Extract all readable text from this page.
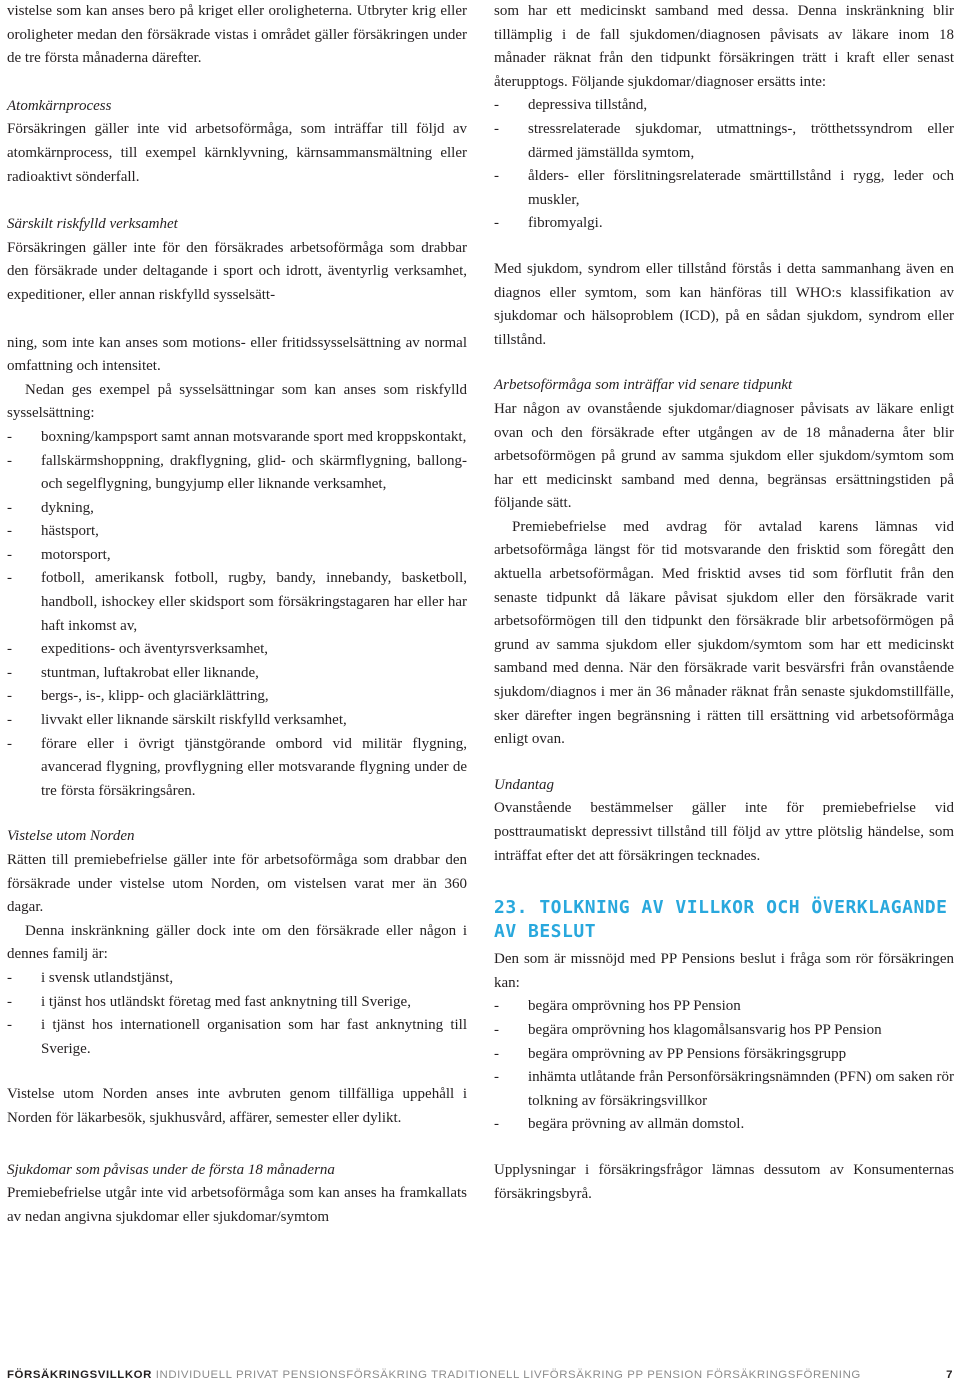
vistelse som kan anses bero på kriget eller oroligheterna. Utbryter krig eller oroligheter medan den försäkrade vistas i området gäller försäkringen under de tre första månaderna därefter.

Atomkärnprocess

Försäkringen gäller inte vid arbetsoförmåga, som inträffar till följd av atomkärnprocess, till exempel kärnklyvning, kärnsammansmältning eller radioaktivt sönderfall.

Särskilt riskfylld verksamhet

Försäkringen gäller inte för den försäkrades arbetsoförmåga som drabbar den försäkrade under deltagande i sport och idrott, äventyrlig verksamhet, expeditioner, eller annan riskfylld sysselsätt-

ning, som inte kan anses som motions- eller fritidssysselsättning av normal omfattning och intensitet.

Nedan ges exempel på sysselsättningar som kan anses som riskfylld sysselsättning:

- boxning/kampsport samt annan motsvarande sport med kroppskontakt,
- fallskärmshoppning, drakflygning, glid- och skärmflygning, ballong- och segelflygning, bungyjump eller liknande verksamhet,
- dykning,
- hästsport,
- motorsport,
- fotboll, amerikansk fotboll, rugby, bandy, innebandy, basketboll, handboll, ishockey eller skidsport som försäkringstagaren har eller har haft inkomst av,
- expeditions- och äventyrsverksamhet,
- stuntman, luftakrobat eller liknande,
- bergs-, is-, klipp- och glaciärklättring,
- livvakt eller liknande särskilt riskfylld verksamhet,
- förare eller i övrigt tjänstgörande ombord vid militär flygning, avancerad flygning, provflygning eller motsvarande flygning under de tre första försäkringsåren.

Vistelse utom Norden

Rätten till premiebefrielse gäller inte för arbetsoförmåga som drabbar den försäkrade under vistelse utom Norden, om vistelsen varat mer än 360 dagar.

Denna inskränkning gäller dock inte om den försäkrade eller någon i dennes familj är:

- i svensk utlandstjänst,
- i tjänst hos utländskt företag med fast anknytning till Sverige,
- i tjänst hos internationell organisation som har fast anknytning till Sverige.

Vistelse utom Norden anses inte avbruten genom tillfälliga uppehåll i Norden för läkarbesök, sjukhusvård, affärer, semester eller dylikt.

Sjukdomar som påvisas under de första 18 månaderna

Premiebefrielse utgår inte vid arbetsoförmåga som kan anses ha framkallats av nedan angivna sjukdomar eller sjukdomar/symtom

som har ett medicinskt samband med dessa. Denna inskränkning blir tillämplig i de fall sjukdomen/diagnosen påvisats av läkare inom 18 månader räknat från den tidpunkt försäkringen trätt i kraft eller senast återupptogs. Följande sjukdomar/diagnoser ersätts inte:

- depressiva tillstånd,
- stressrelaterade sjukdomar, utmattnings-, trötthetssyndrom eller därmed jämställda symtom,
- ålders- eller förslitningsrelaterade smärttillstånd i rygg, leder och muskler,
- fibromyalgi.

Med sjukdom, syndrom eller tillstånd förstås i detta sammanhang även en diagnos eller symtom, som kan hänföras till WHO:s klassifikation av sjukdomar och hälsoproblem (ICD), på en sådan sjukdom, syndrom eller tillstånd.

Arbetsoförmåga som inträffar vid senare tidpunkt

Har någon av ovanstående sjukdomar/diagnoser påvisats av läkare enligt ovan och den försäkrade efter utgången av de 18 månaderna åter blir arbetsoförmögen på grund av samma sjukdom eller sjukdom/symtom som har ett medicinskt samband med denna, begränsas ersättningstiden på följande sätt.

Premiebefrielse med avdrag för avtalad karens lämnas vid arbetsoförmåga längst för tid motsvarande den frisktid som föregått den aktuella arbetsoförmågan. Med frisktid avses tid som förflutit från den senaste tidpunkt då läkare påvisat sjukdom eller den försäkrade varit arbetsoförmögen till den tidpunkt den försäkrade blir arbetsoförmögen på grund av samma sjukdom eller sjukdom/symtom som har ett medicinskt samband med denna. När den försäkrade varit besvärsfri från ovanstående sjukdom/diagnos i mer än 36 månader räknat från senaste sjukdomstillfälle, sker därefter ingen begränsning i rätten till ersättning vid arbetsoförmåga enligt ovan.

Undantag

Ovanstående bestämmelser gäller inte för premiebefrielse vid posttraumatiskt depressivt tillstånd till följd av yttre plötslig händelse, som inträffat efter det att försäkringen tecknades.

23. TOLKNING AV VILLKOR OCH ÖVERKLAGANDE AV BESLUT

Den som är missnöjd med PP Pensions beslut i fråga som rör försäkringen kan:

- begära omprövning hos PP Pension
- begära omprövning hos klagomålsansvarig hos PP Pension
- begära omprövning av PP Pensions försäkringsgrupp
- inhämta utlåtande från Personförsäkringsnämnden (PFN) om saken rör tolkning av försäkringsvillkor
- begära prövning av allmän domstol.

Upplysningar i försäkringsfrågor lämnas dessutom av Konsumenternas försäkringsbyrå.

FÖRSÄKRINGSVILLKOR INDIVIDUELL PRIVAT PENSIONSFÖRSÄKRING TRADITIONELL LIVFÖRSÄKRING PP PENSION FÖRSÄKRINGSFÖRENING	7
